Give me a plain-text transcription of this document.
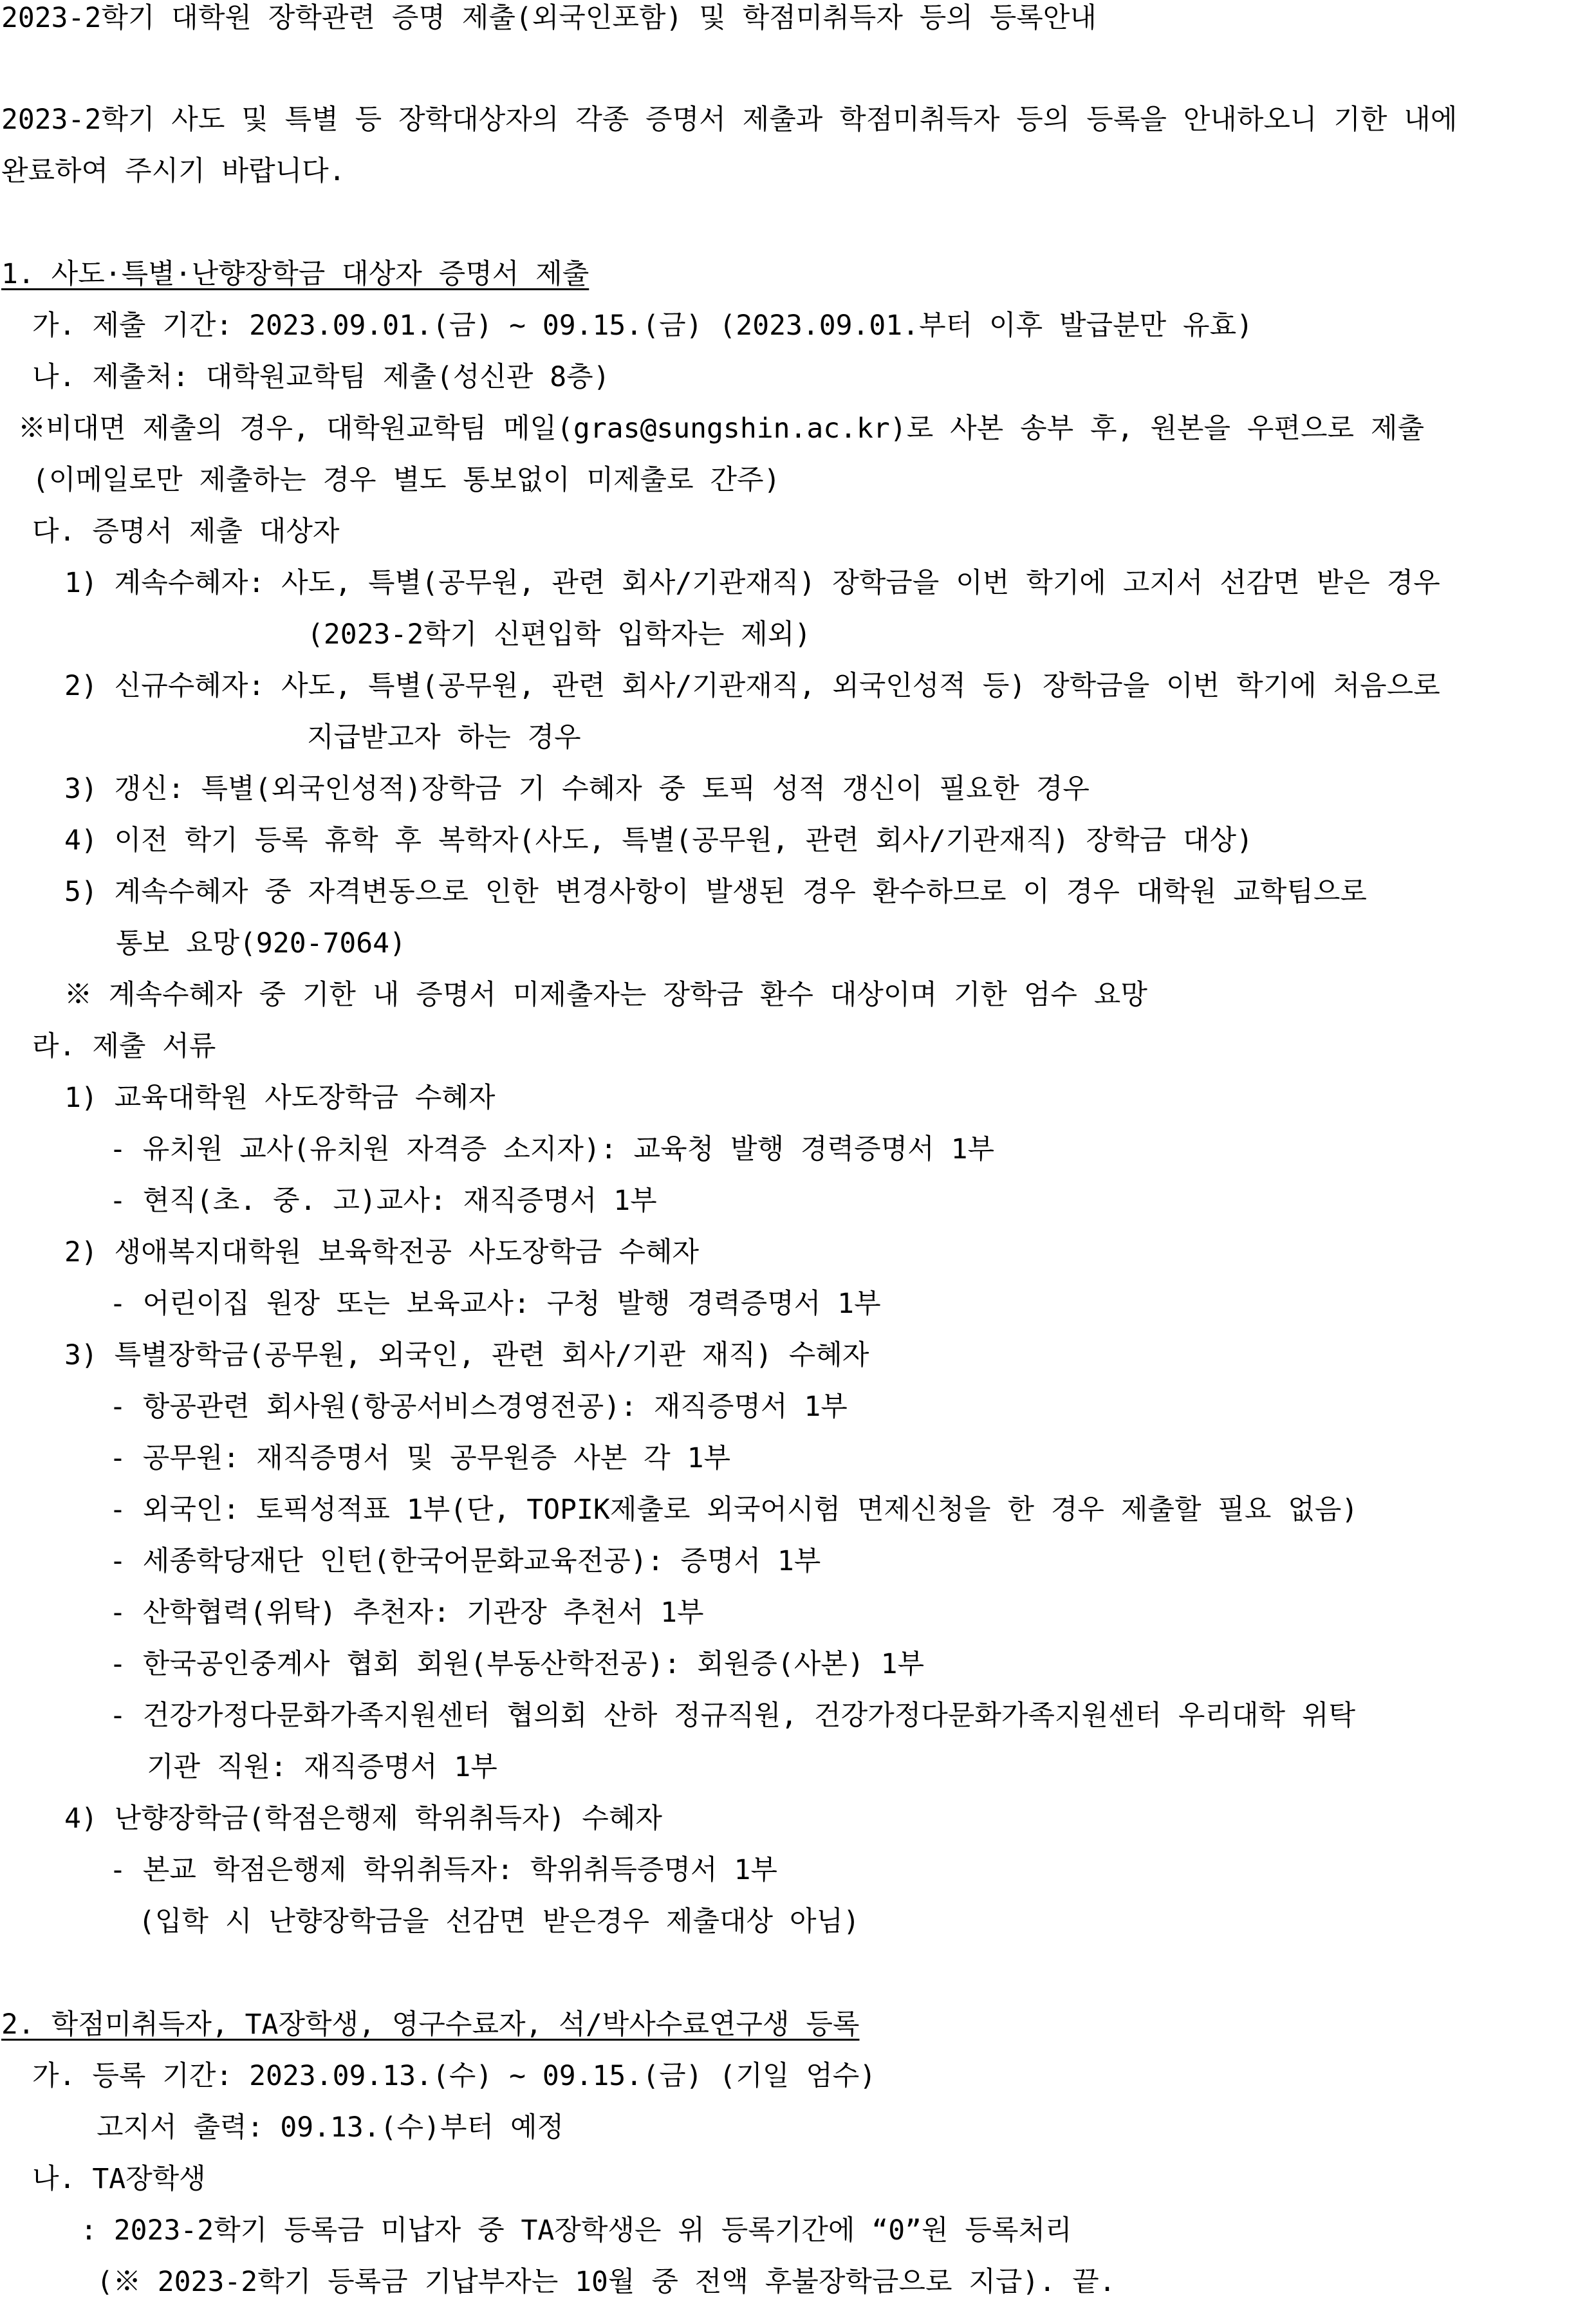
2023-2학기 대학원 장학관련 증명 제출(외국인포함) 및 학점미취득자 등의 등록안내
2023-2학기 사도 및 특별 등 장학대상자의 각종 증명서 제출과 학점미취득자 등의 등록을 안내하오니 기한 내에
완료하여 주시기 바랍니다.
1. 사도·특별·난향장학금 대상자 증명서 제출
가. 제출 기간: 2023.09.01.(금) ~ 09.15.(금) (2023.09.01.부터 이후 발급분만 유효)
나. 제출처: 대학원교학팀 제출(성신관 8층)
※비대면 제출의 경우, 대학원교학팀 메일(gras@sungshin.ac.kr)로 사본 송부 후, 원본을 우편으로 제출
(이메일로만 제출하는 경우 별도 통보없이 미제출로 간주)
다. 증명서 제출 대상자
1) 계속수혜자: 사도, 특별(공무원, 관련 회사/기관재직) 장학금을 이번 학기에 고지서 선감면 받은 경우
(2023-2학기 신편입학 입학자는 제외)
2) 신규수혜자: 사도, 특별(공무원, 관련 회사/기관재직, 외국인성적 등) 장학금을 이번 학기에 처음으로
지급받고자 하는 경우
3) 갱신: 특별(외국인성적)장학금 기 수혜자 중 토픽 성적 갱신이 필요한 경우
4) 이전 학기 등록 휴학 후 복학자(사도, 특별(공무원, 관련 회사/기관재직) 장학금 대상)
5) 계속수혜자 중 자격변동으로 인한 변경사항이 발생된 경우 환수하므로 이 경우 대학원 교학팀으로
통보 요망(920-7064)
※ 계속수혜자 중 기한 내 증명서 미제출자는 장학금 환수 대상이며 기한 엄수 요망
라. 제출 서류
1) 교육대학원 사도장학금 수혜자
- 유치원 교사(유치원 자격증 소지자): 교육청 발행 경력증명서 1부
- 현직(초. 중. 고)교사: 재직증명서 1부
2) 생애복지대학원 보육학전공 사도장학금 수혜자
- 어린이집 원장 또는 보육교사: 구청 발행 경력증명서 1부
3) 특별장학금(공무원, 외국인, 관련 회사/기관 재직) 수혜자
- 항공관련 회사원(항공서비스경영전공): 재직증명서 1부
- 공무원: 재직증명서 및 공무원증 사본 각 1부
- 외국인: 토픽성적표 1부(단, TOPIK제출로 외국어시험 면제신청을 한 경우 제출할 필요 없음)
- 세종학당재단 인턴(한국어문화교육전공): 증명서 1부
- 산학협력(위탁) 추천자: 기관장 추천서 1부
- 한국공인중계사 협회 회원(부동산학전공): 회원증(사본) 1부
- 건강가정다문화가족지원센터 협의회 산하 정규직원, 건강가정다문화가족지원센터 우리대학 위탁
기관 직원: 재직증명서 1부
4) 난향장학금(학점은행제 학위취득자) 수혜자
- 본교 학점은행제 학위취득자: 학위취득증명서 1부
(입학 시 난향장학금을 선감면 받은경우 제출대상 아님)
2. 학점미취득자, TA장학생, 영구수료자, 석/박사수료연구생 등록
가. 등록 기간: 2023.09.13.(수) ~ 09.15.(금) (기일 엄수)
고지서 출력: 09.13.(수)부터 예정
나. TA장학생
: 2023-2학기 등록금 미납자 중 TA장학생은 위 등록기간에 “0”원 등록처리
(※ 2023-2학기 등록금 기납부자는 10월 중 전액 후불장학금으로 지급). 끝.
